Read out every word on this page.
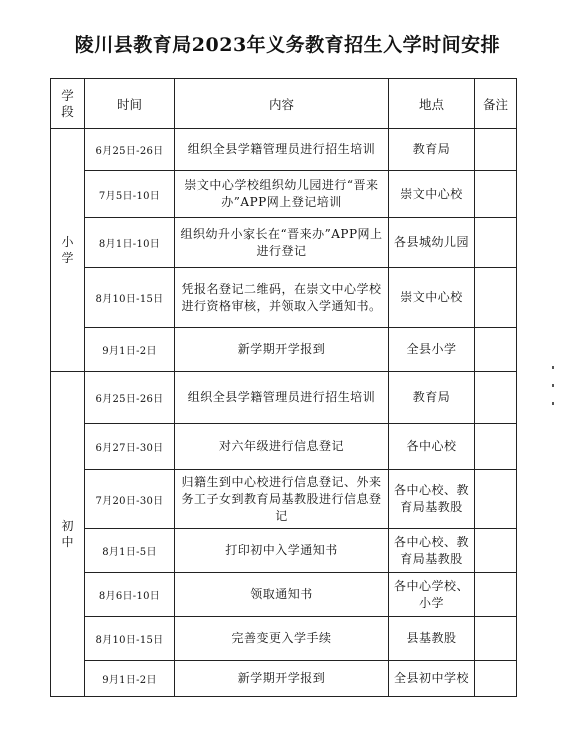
陵川县教育局2023年义务教育招生入学时间安排
学段	时间	内容	地点	备注
小学	6月25日-26日	组织全县学籍管理员进行招生培训	教育局	
	7月5日-10日	崇文中心学校组织幼儿园进行“晋来办”APP网上登记培训	崇文中心校	
	8月1日-10日	组织幼升小家长在“晋来办”APP网上进行登记	各县城幼儿园	
	8月10日-15日	凭报名登记二维码，在崇文中心学校进行资格审核，并领取入学通知书。	崇文中心校	
	9月1日-2日	新学期开学报到	全县小学	
初中	6月25日-26日	组织全县学籍管理员进行招生培训	教育局	
	6月27日-30日	对六年级进行信息登记	各中心校	
	7月20日-30日	归籍生到中心校进行信息登记、外来务工子女到教育局基教股进行信息登记	各中心校、教育局基教股	
	8月1日-5日	打印初中入学通知书	各中心校、教育局基教股	
	8月6日-10日	领取通知书	各中心学校、小学	
	8月10日-15日	完善变更入学手续	县基教股	
	9月1日-2日	新学期开学报到	全县初中学校	
